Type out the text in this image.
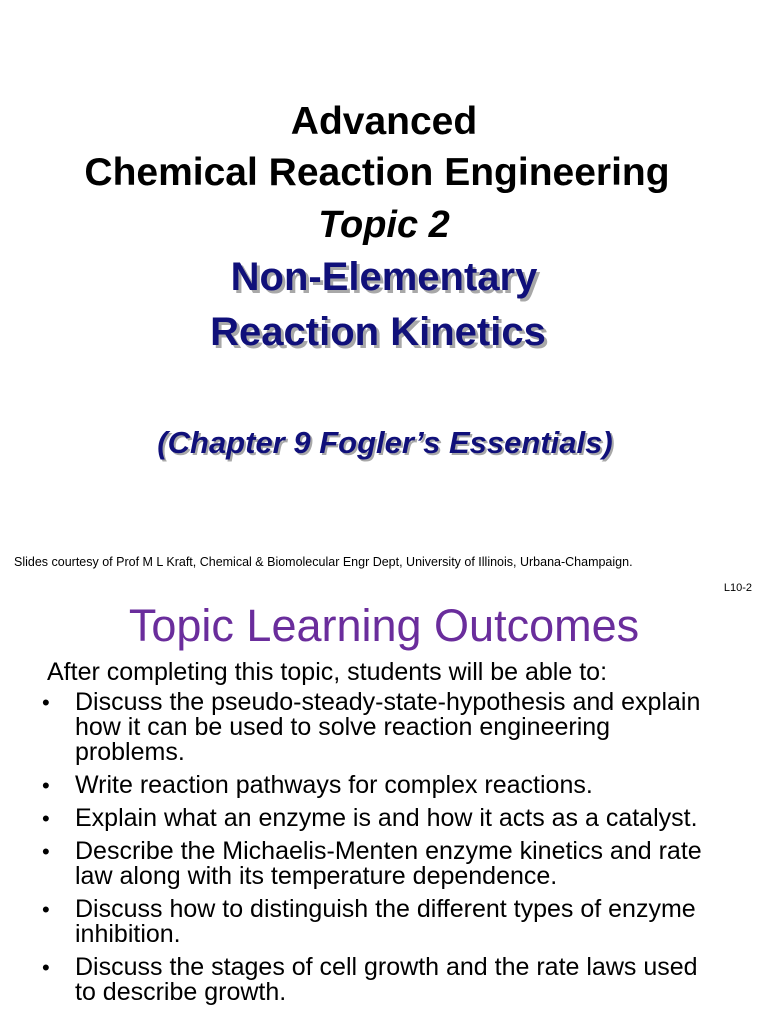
Advanced
Chemical Reaction Engineering
Topic 2
Non-Elementary
Reaction Kinetics
(Chapter 9 Fogler’s Essentials)
Slides courtesy of Prof M L Kraft, Chemical & Biomolecular Engr Dept, University of Illinois, Urbana-Champaign.
L10-2
Topic Learning Outcomes
After completing this topic, students will be able to:
• Discuss the pseudo-steady-state-hypothesis and explain how it can be used to solve reaction engineering problems.
• Write reaction pathways for complex reactions.
• Explain what an enzyme is and how it acts as a catalyst.
• Describe the Michaelis-Menten enzyme kinetics and rate law along with its temperature dependence.
• Discuss how to distinguish the different types of enzyme inhibition.
• Discuss the stages of cell growth and the rate laws used to describe growth.
